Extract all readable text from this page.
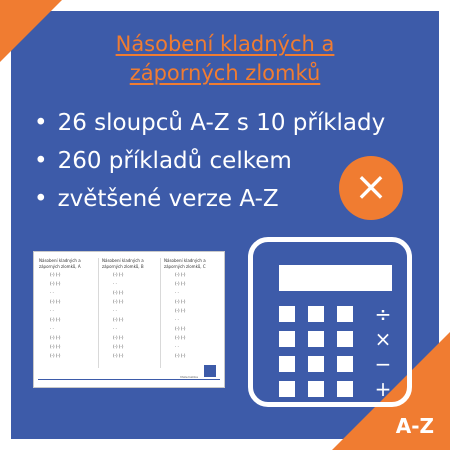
A-Z
Násobení kladných a
záporných zlomků
• 26 sloupců A-Z s 10 příklady
• 260 příkladů celkem
• zvětšené verze A-Z	×
÷
×
−
+
Násobení kladných a záporných zlomků, A
(-) (-)
(-) (-)
· ·
(-) (-)
· ·
(-) (-)
· ·
(-) (-)
(-) (-)
(-) (-)
Násobení kladných a záporných zlomků, B
(-) (-)
· ·
(-) (-)
(-) (-)
· ·
(-) (-)
· ·
(-) (-)
(-) (-)
(-) (-)
Násobení kladných a záporných zlomků, C
(-) (-)
(-) (-)
· ·
(-) (-)
(-) (-)
· ·
(-) (-)
(-) (-)
· ·
(-) (-)
Matematika
